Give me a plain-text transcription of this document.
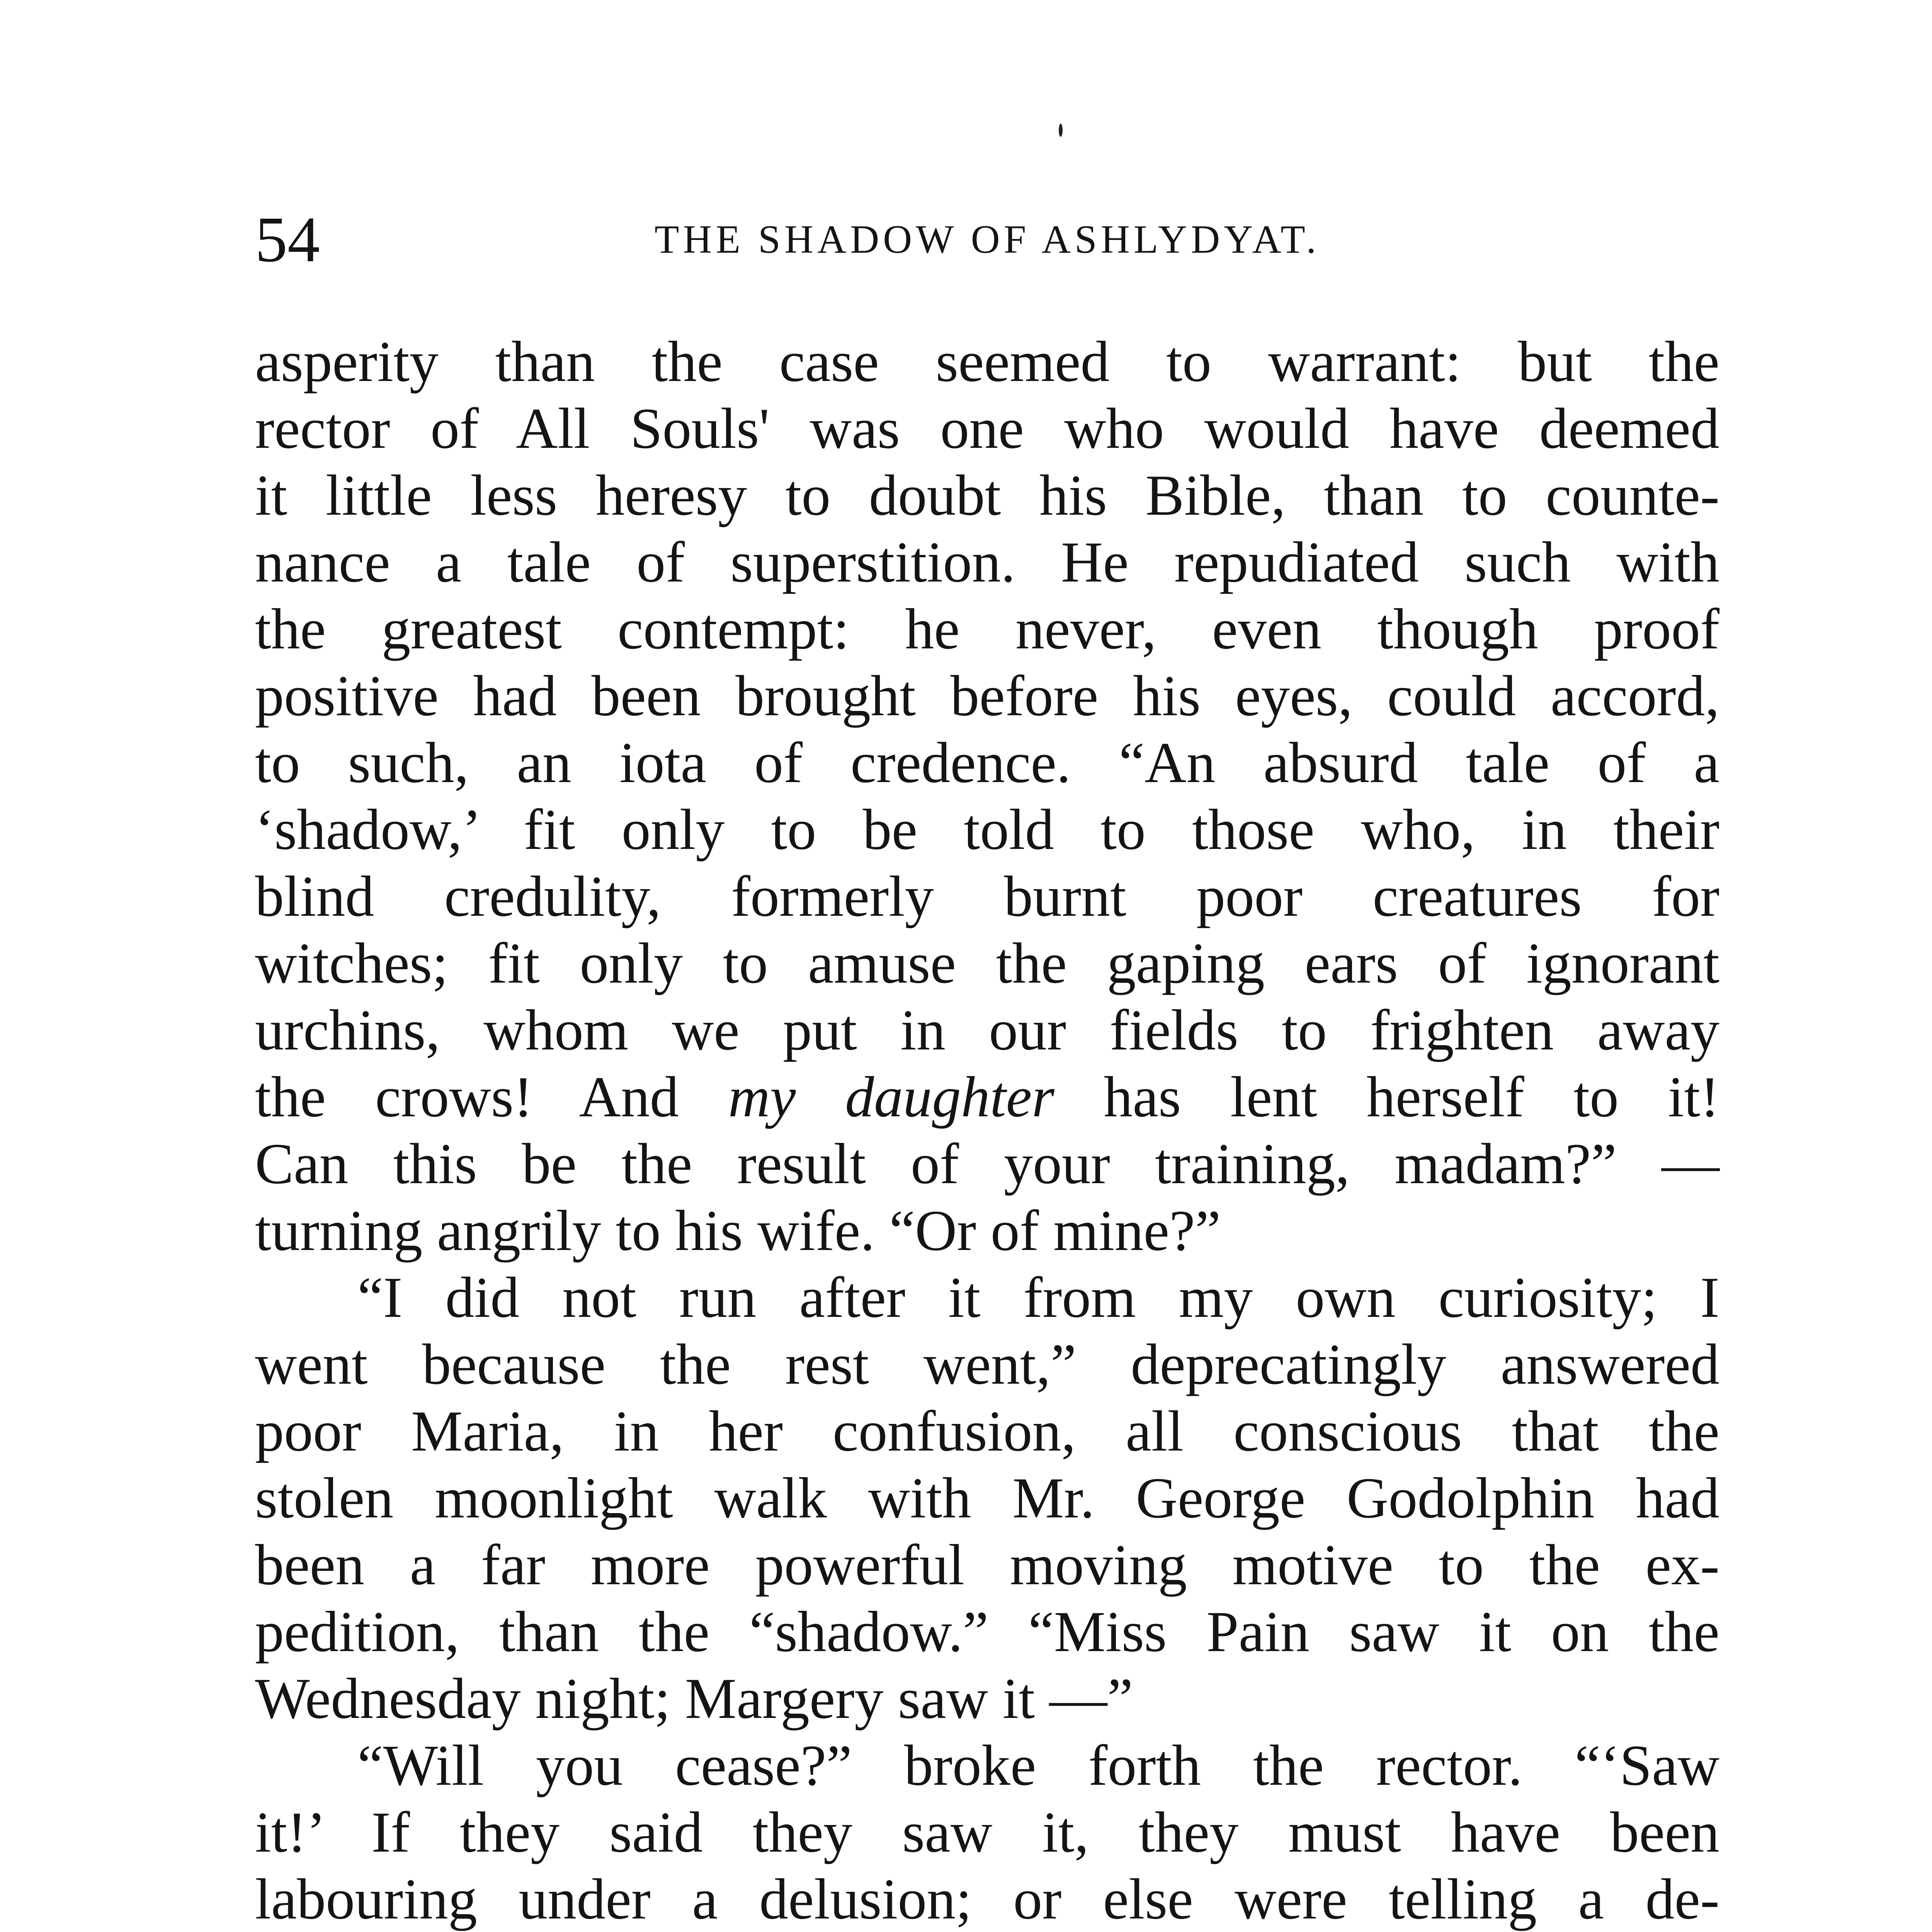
54	THE SHADOW OF ASHLYDYAT.
asperity than the case seemed to warrant: but the
rector of All Souls' was one who would have deemed
it little less heresy to doubt his Bible, than to counte-
nance a tale of superstition. He repudiated such with
the greatest contempt: he never, even though proof
positive had been brought before his eyes, could accord,
to such, an iota of credence. “An absurd tale of a
‘shadow,’ fit only to be told to those who, in their
blind credulity, formerly burnt poor creatures for
witches; fit only to amuse the gaping ears of ignorant
urchins, whom we put in our fields to frighten away
the crows! And my daughter has lent herself to it!
Can this be the result of your training, madam?” —
turning angrily to his wife. “Or of mine?”
“I did not run after it from my own curiosity; I
went because the rest went,” deprecatingly answered
poor Maria, in her confusion, all conscious that the
stolen moonlight walk with Mr. George Godolphin had
been a far more powerful moving motive to the ex-
pedition, than the “shadow.” “Miss Pain saw it on the
Wednesday night; Margery saw it —”
“Will you cease?” broke forth the rector. “‘Saw
it!’ If they said they saw it, they must have been
labouring under a delusion; or else were telling a de-
